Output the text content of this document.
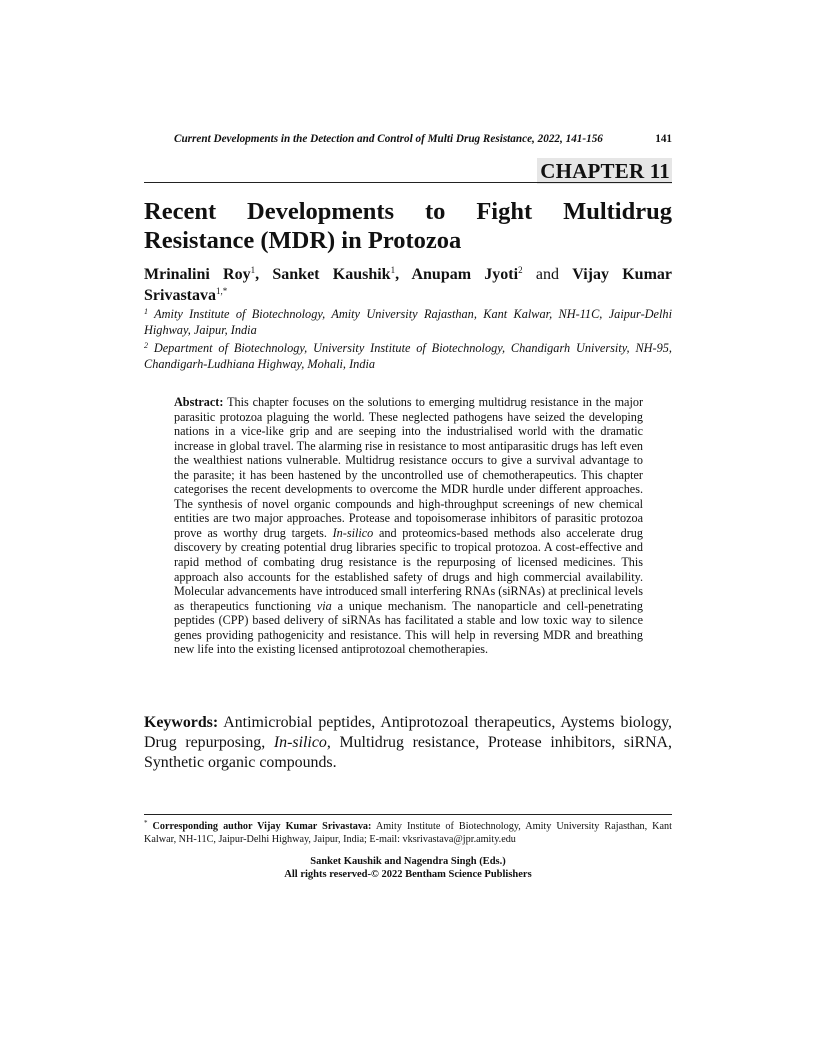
Current Developments in the Detection and Control of Multi Drug Resistance, 2022, 141-156	141
CHAPTER 11
Recent Developments to Fight Multidrug
Resistance (MDR) in Protozoa
Mrinalini Roy$^1$, Sanket Kaushik$^1$, Anupam Jyoti$^2$ and Vijay Kumar Srivastava$^{1,*}$
$^1$ Amity Institute of Biotechnology, Amity University Rajasthan, Kant Kalwar, NH-11C, Jaipur-Delhi Highway, Jaipur, India
$^2$ Department of Biotechnology, University Institute of Biotechnology, Chandigarh University, NH-95, Chandigarh-Ludhiana Highway, Mohali, India
Abstract: This chapter focuses on the solutions to emerging multidrug resistance in the major parasitic protozoa plaguing the world. These neglected pathogens have seized the developing nations in a vice-like grip and are seeping into the industrialised world with the dramatic increase in global travel. The alarming rise in resistance to most antiparasitic drugs has left even the wealthiest nations vulnerable. Multidrug resistance occurs to give a survival advantage to the parasite; it has been hastened by the uncontrolled use of chemotherapeutics. This chapter categorises the recent developments to overcome the MDR hurdle under different approaches. The synthesis of novel organic compounds and high-throughput screenings of new chemical entities are two major approaches. Protease and topoisomerase inhibitors of parasitic protozoa prove as worthy drug targets. In-silico and proteomics-based methods also accelerate drug discovery by creating potential drug libraries specific to tropical protozoa. A cost-effective and rapid method of combating drug resistance is the repurposing of licensed medicines. This approach also accounts for the established safety of drugs and high commercial availability. Molecular advancements have introduced small interfering RNAs (siRNAs) at preclinical levels as therapeutics functioning via a unique mechanism. The nanoparticle and cell-penetrating peptides (CPP) based delivery of siRNAs has facilitated a stable and low toxic way to silence genes providing pathogenicity and resistance. This will help in reversing MDR and breathing new life into the existing licensed antiprotozoal chemotherapies.
Keywords: Antimicrobial peptides, Antiprotozoal therapeutics, Aystems biology, Drug repurposing, In-silico, Multidrug resistance, Protease inhibitors, siRNA, Synthetic organic compounds.
* Corresponding author Vijay Kumar Srivastava: Amity Institute of Biotechnology, Amity University Rajasthan, Kant Kalwar, NH-11C, Jaipur-Delhi Highway, Jaipur, India; E-mail: vksrivastava@jpr.amity.edu
Sanket Kaushik and Nagendra Singh (Eds.)
All rights reserved-© 2022 Bentham Science Publishers
